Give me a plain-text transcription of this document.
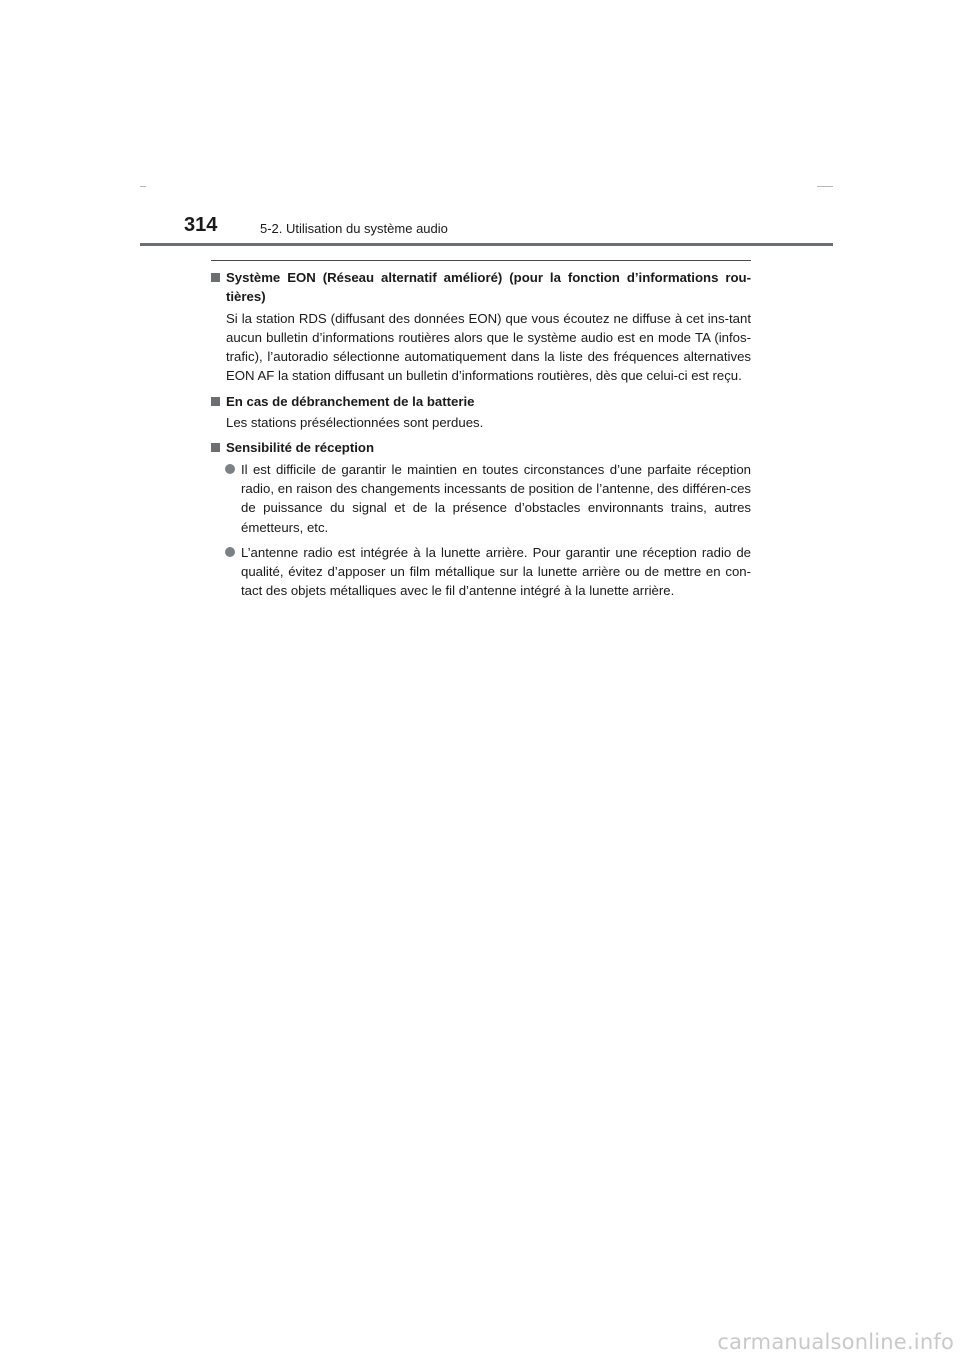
314	5-2. Utilisation du système audio
Système EON (Réseau alternatif amélioré) (pour la fonction d’informations rou-tières)
Si la station RDS (diffusant des données EON) que vous écoutez ne diffuse à cet ins-tant aucun bulletin d’informations routières alors que le système audio est en mode TA (infos-trafic), l’autoradio sélectionne automatiquement dans la liste des fréquences alternatives EON AF la station diffusant un bulletin d’informations routières, dès que celui-ci est reçu.
En cas de débranchement de la batterie
Les stations présélectionnées sont perdues.
Sensibilité de réception
Il est difficile de garantir le maintien en toutes circonstances d’une parfaite réception radio, en raison des changements incessants de position de l’antenne, des différen-ces de puissance du signal et de la présence d’obstacles environnants trains, autres émetteurs, etc.
L’antenne radio est intégrée à la lunette arrière. Pour garantir une réception radio de qualité, évitez d’apposer un film métallique sur la lunette arrière ou de mettre en con-tact des objets métalliques avec le fil d’antenne intégré à la lunette arrière.
carmanualsonline.info
